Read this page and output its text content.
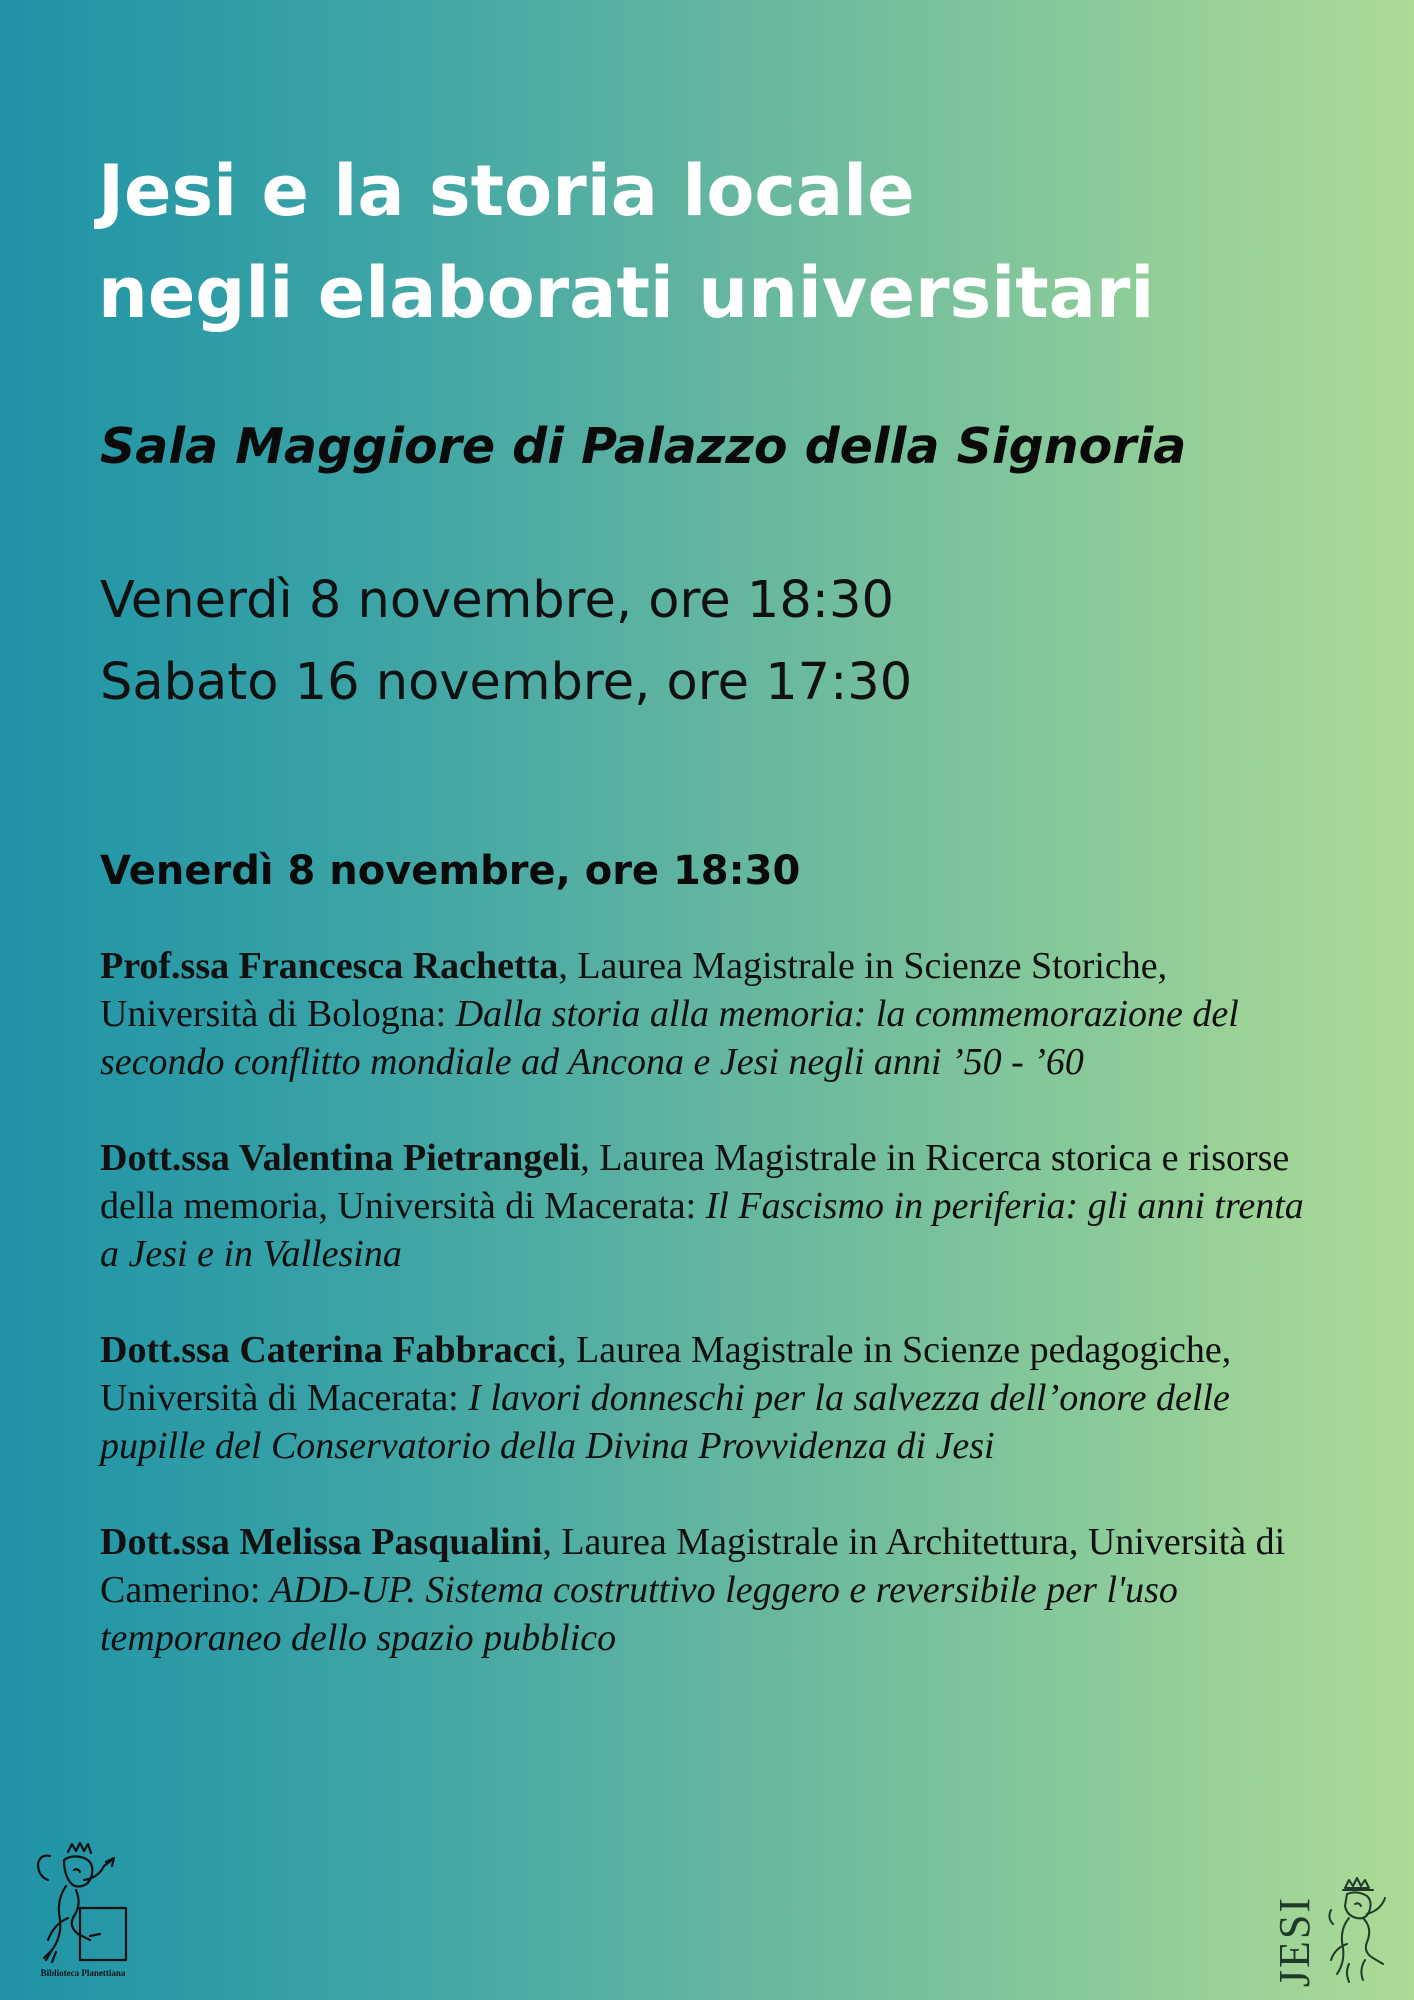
Jesi e la storia locale
negli elaborati universitari
Sala Maggiore di Palazzo della Signoria
Venerdì 8 novembre, ore 18:30
Sabato 16 novembre, ore 17:30
Venerdì 8 novembre, ore 18:30
Prof.ssa Francesca Rachetta, Laurea Magistrale in Scienze Storiche, Università di Bologna: Dalla storia alla memoria: la commemorazione del secondo conflitto mondiale ad Ancona e Jesi negli anni ’50 - ’60
Dott.ssa Valentina Pietrangeli, Laurea Magistrale in Ricerca storica e risorse della memoria, Università di Macerata: Il Fascismo in periferia: gli anni trenta a Jesi e in Vallesina
Dott.ssa Caterina Fabbracci, Laurea Magistrale in Scienze pedagogiche, Università di Macerata: I lavori donneschi per la salvezza dell’onore delle pupille del Conservatorio della Divina Provvidenza di Jesi
Dott.ssa Melissa Pasqualini, Laurea Magistrale in Architettura, Università di Camerino: ADD-UP. Sistema costruttivo leggero e reversibile per l'uso temporaneo dello spazio pubblico
Biblioteca Planettiana	JESI
